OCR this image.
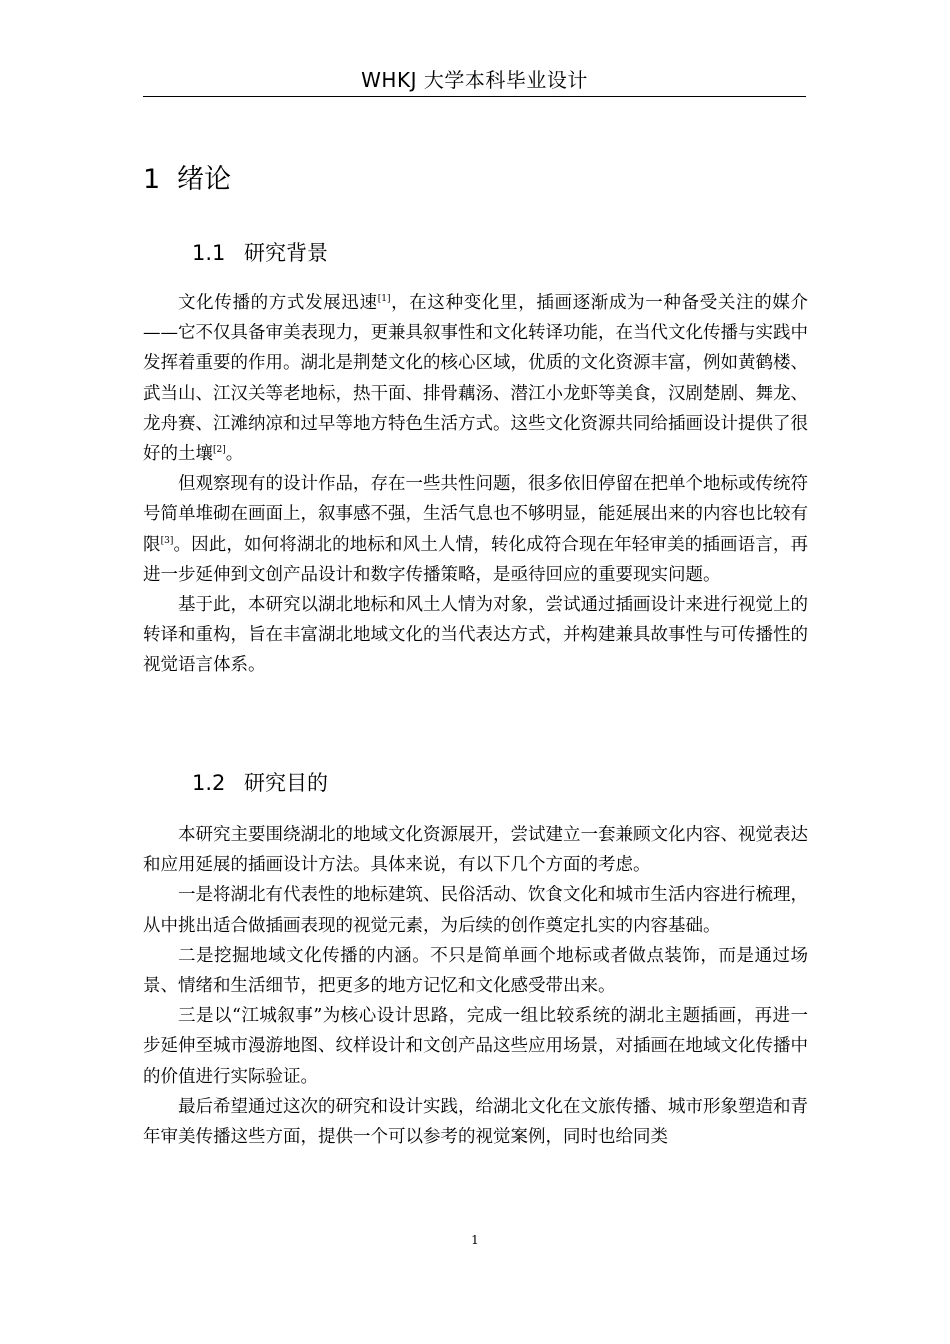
WHKJ 大学本科毕业设计
1 绪论
1.1 研究背景

文化传播的方式发展迅速[1]，在这种变化里，插画逐渐成为一种备受关注的媒介——它不仅具备审美表现力，更兼具叙事性和文化转译功能，在当代文化传播与实践中发挥着重要的作用。湖北是荆楚文化的核心区域，优质的文化资源丰富，例如黄鹤楼、武当山、江汉关等老地标，热干面、排骨藕汤、潜江小龙虾等美食，汉剧楚剧、舞龙、龙舟赛、江滩纳凉和过早等地方特色生活方式。这些文化资源共同给插画设计提供了很好的土壤[2]。

但观察现有的设计作品，存在一些共性问题，很多依旧停留在把单个地标或传统符号简单堆砌在画面上，叙事感不强，生活气息也不够明显，能延展出来的内容也比较有限[3]。因此，如何将湖北的地标和风土人情，转化成符合现在年轻审美的插画语言，再进一步延伸到文创产品设计和数字传播策略，是亟待回应的重要现实问题。

基于此，本研究以湖北地标和风土人情为对象，尝试通过插画设计来进行视觉上的转译和重构，旨在丰富湖北地域文化的当代表达方式，并构建兼具故事性与可传播性的视觉语言体系。

1.2 研究目的

本研究主要围绕湖北的地域文化资源展开，尝试建立一套兼顾文化内容、视觉表达和应用延展的插画设计方法。具体来说，有以下几个方面的考虑。

一是将湖北有代表性的地标建筑、民俗活动、饮食文化和城市生活内容进行梳理，从中挑出适合做插画表现的视觉元素，为后续的创作奠定扎实的内容基础。

二是挖掘地域文化传播的内涵。不只是简单画个地标或者做点装饰，而是通过场景、情绪和生活细节，把更多的地方记忆和文化感受带出来。

三是以“江城叙事”为核心设计思路，完成一组比较系统的湖北主题插画，再进一步延伸至城市漫游地图、纹样设计和文创产品这些应用场景，对插画在地域文化传播中的价值进行实际验证。

最后希望通过这次的研究和设计实践，给湖北文化在文旅传播、城市形象塑造和青年审美传播这些方面，提供一个可以参考的视觉案例，同时也给同类

1
